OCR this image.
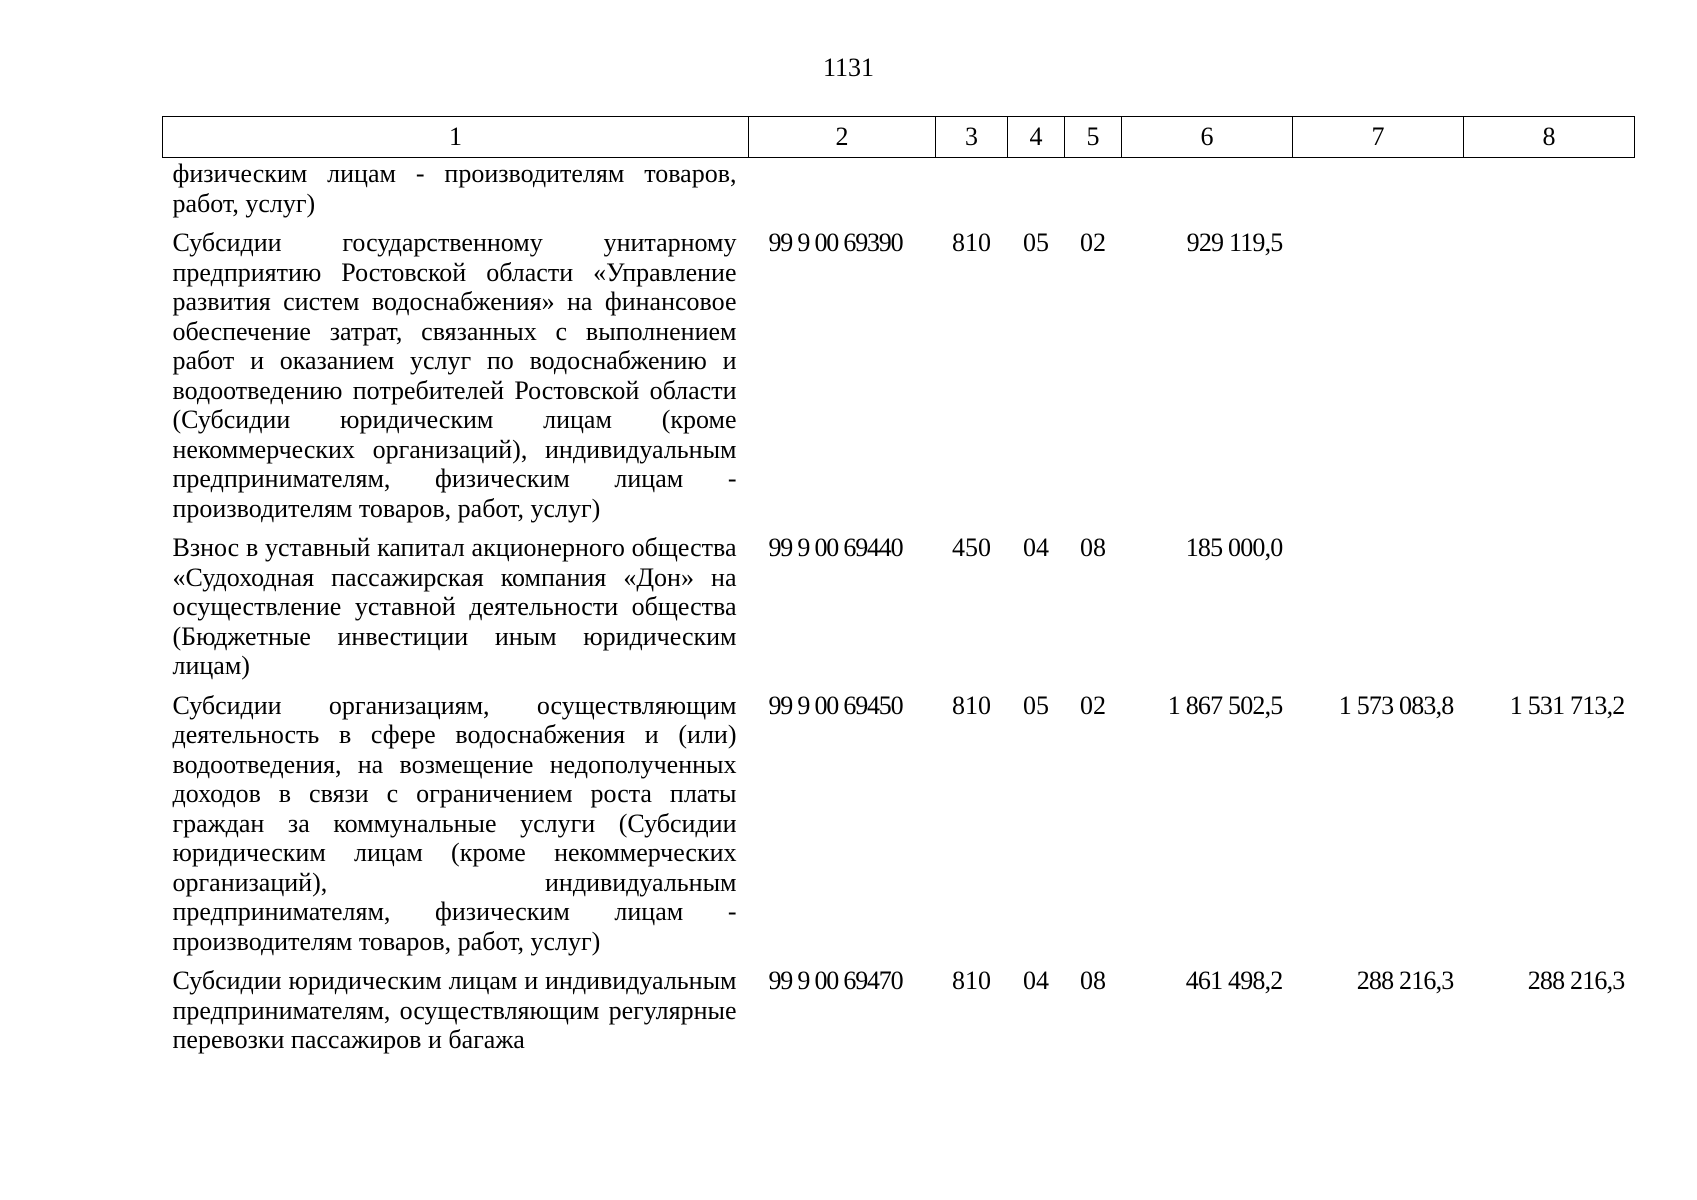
1131
1	2	3	4	5	6	7	8
физическим лицам - производителям товаров, работ, услуг)							
Субсидии государственному унитарному предприятию Ростовской области «Управление развития систем водоснабжения» на финансовое обеспечение затрат, связанных с выполнением работ и оказанием услуг по водоснабжению и водоотведению потребителей Ростовской области (Субсидии юридическим лицам (кроме некоммерческих организаций), индивидуальным предпринимателям, физическим лицам - производителям товаров, работ, услуг)	99 9 00 69390	810	05	02	929 119,5		
Взнос в уставный капитал акционерного общества «Судоходная пассажирская компания «Дон» на осуществление уставной деятельности общества (Бюджетные инвестиции иным юридическим лицам)	99 9 00 69440	450	04	08	185 000,0		
Субсидии организациям, осуществляющим деятельность в сфере водоснабжения и (или) водоотведения, на возмещение недополученных доходов в связи с ограничением роста платы граждан за коммунальные услуги (Субсидии юридическим лицам (кроме некоммерческих организаций), индивидуальным предпринимателям, физическим лицам - производителям товаров, работ, услуг)	99 9 00 69450	810	05	02	1 867 502,5	1 573 083,8	1 531 713,2
Субсидии юридическим лицам и индивидуальным предпринимателям, осуществляющим регулярные перевозки пассажиров и багажа	99 9 00 69470	810	04	08	461 498,2	288 216,3	288 216,3
